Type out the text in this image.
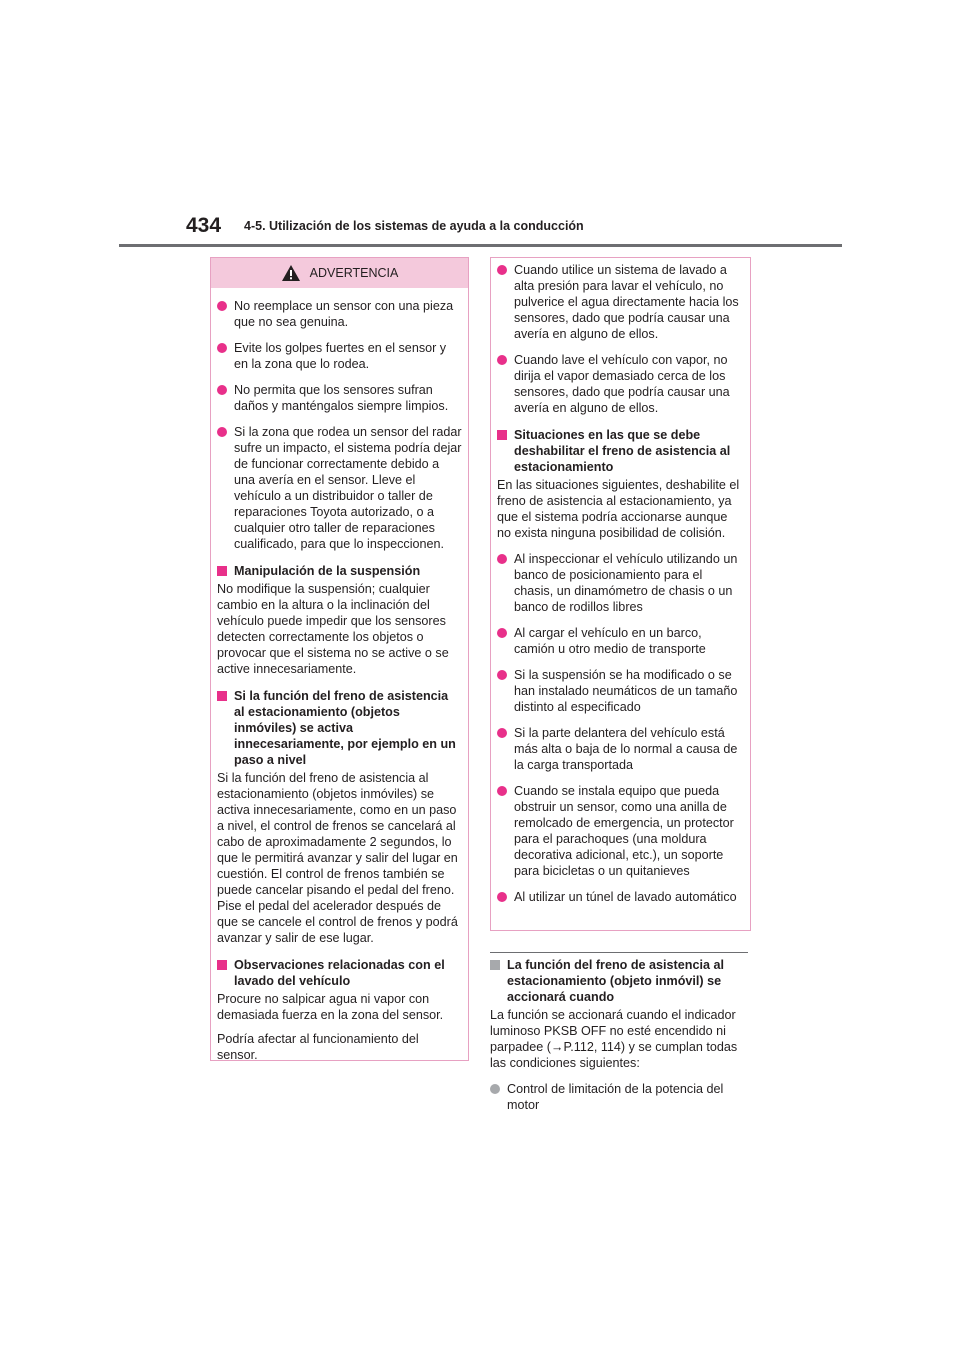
434 4-5. Utilización de los sistemas de ayuda a la conducción
ADVERTENCIA
No reemplace un sensor con una pieza que no sea genuina.
Evite los golpes fuertes en el sensor y en la zona que lo rodea.
No permita que los sensores sufran daños y manténgalos siempre limpios.
Si la zona que rodea un sensor del radar sufre un impacto, el sistema podría dejar de funcionar correctamente debido a una avería en el sensor. Lleve el vehículo a un distribuidor o taller de reparaciones Toyota autorizado, o a cualquier otro taller de reparaciones cualificado, para que lo inspeccionen.
Manipulación de la suspensión
No modifique la suspensión; cualquier cambio en la altura o la inclinación del vehículo puede impedir que los sensores detecten correctamente los objetos o provocar que el sistema no se active o se active innecesariamente.
Si la función del freno de asistencia al estacionamiento (objetos inmóviles) se activa innecesariamente, por ejemplo en un paso a nivel
Si la función del freno de asistencia al estacionamiento (objetos inmóviles) se activa innecesariamente, como en un paso a nivel, el control de frenos se cancelará al cabo de aproximadamente 2 segundos, lo que le permitirá avanzar y salir del lugar en cuestión. El control de frenos también se puede cancelar pisando el pedal del freno. Pise el pedal del acelerador después de que se cancele el control de frenos y podrá avanzar y salir de ese lugar.
Observaciones relacionadas con el lavado del vehículo
Procure no salpicar agua ni vapor con demasiada fuerza en la zona del sensor.
Podría afectar al funcionamiento del sensor.
Cuando utilice un sistema de lavado a alta presión para lavar el vehículo, no pulverice el agua directamente hacia los sensores, dado que podría causar una avería en alguno de ellos.
Cuando lave el vehículo con vapor, no dirija el vapor demasiado cerca de los sensores, dado que podría causar una avería en alguno de ellos.
Situaciones en las que se debe deshabilitar el freno de asistencia al estacionamiento
En las situaciones siguientes, deshabilite el freno de asistencia al estacionamiento, ya que el sistema podría accionarse aunque no exista ninguna posibilidad de colisión.
Al inspeccionar el vehículo utilizando un banco de posicionamiento para el chasis, un dinamómetro de chasis o un banco de rodillos libres
Al cargar el vehículo en un barco, camión u otro medio de transporte
Si la suspensión se ha modificado o se han instalado neumáticos de un tamaño distinto al especificado
Si la parte delantera del vehículo está más alta o baja de lo normal a causa de la carga transportada
Cuando se instala equipo que pueda obstruir un sensor, como una anilla de remolcado de emergencia, un protector para el parachoques (una moldura decorativa adicional, etc.), un soporte para bicicletas o un quitanieves
Al utilizar un túnel de lavado automático
La función del freno de asistencia al estacionamiento (objeto inmóvil) se accionará cuando
La función se accionará cuando el indicador luminoso PKSB OFF no esté encendido ni parpadee (→P.112, 114) y se cumplan todas las condiciones siguientes:
Control de limitación de la potencia del motor
